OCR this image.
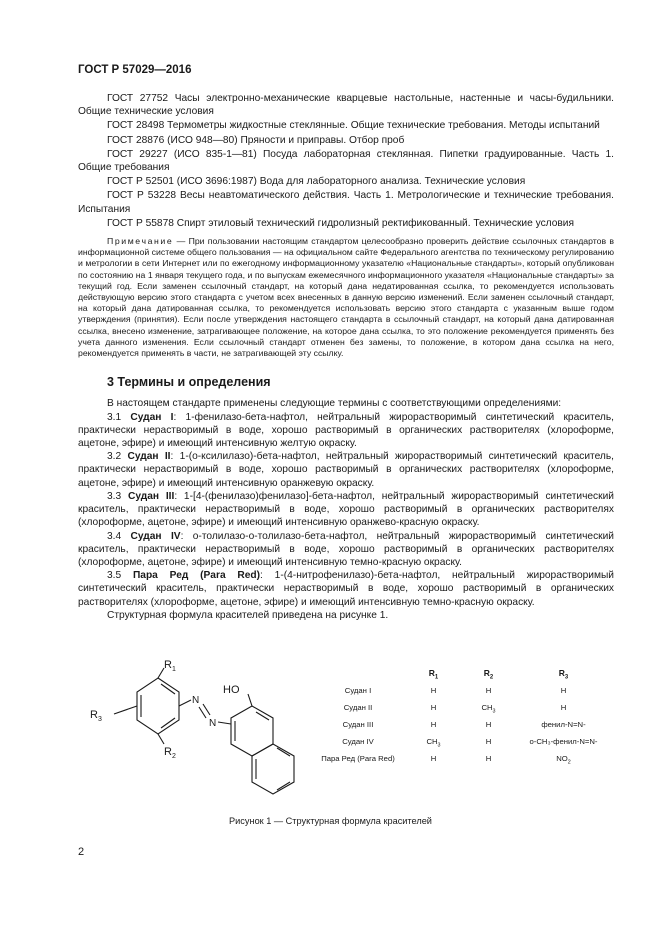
ГОСТ Р 57029—2016

ГОСТ 27752 Часы электронно-механические кварцевые настольные, настенные и часы-будильники. Общие технические условия

ГОСТ 28498 Термометры жидкостные стеклянные. Общие технические требования. Методы испытаний

ГОСТ 28876 (ИСО 948—80) Пряности и приправы. Отбор проб

ГОСТ 29227 (ИСО 835-1—81) Посуда лабораторная стеклянная. Пипетки градуированные. Часть 1. Общие требования

ГОСТ Р 52501 (ИСО 3696:1987) Вода для лабораторного анализа. Технические условия

ГОСТ Р 53228 Весы неавтоматического действия. Часть 1. Метрологические и технические требования. Испытания

ГОСТ Р 55878 Спирт этиловый технический гидролизный ректификованный. Технические условия

Примечание — При пользовании настоящим стандартом целесообразно проверить действие ссылочных стандартов в информационной системе общего пользования — на официальном сайте Федерального агентства по техническому регулированию и метрологии в сети Интернет или по ежегодному информационному указателю «Национальные стандарты», который опубликован по состоянию на 1 января текущего года, и по выпускам ежемесячного информационного указателя «Национальные стандарты» за текущий год. Если заменен ссылочный стандарт, на который дана недатированная ссылка, то рекомендуется использовать действующую версию этого стандарта с учетом всех внесенных в данную версию изменений. Если заменен ссылочный стандарт, на который дана датированная ссылка, то рекомендуется использовать версию этого стандарта с указанным выше годом утверждения (принятия). Если после утверждения настоящего стандарта в ссылочный стандарт, на который дана датированная ссылка, внесено изменение, затрагивающее положение, на которое дана ссылка, то это положение рекомендуется применять без учета данного изменения. Если ссылочный стандарт отменен без замены, то положение, в котором дана ссылка на него, рекомендуется применять в части, не затрагивающей эту ссылку.

3 Термины и определения

В настоящем стандарте применены следующие термины с соответствующими определениями:

3.1 Судан I: 1-фенилазо-бета-нафтол, нейтральный жирорастворимый синтетический краситель, практически нерастворимый в воде, хорошо растворимый в органических растворителях (хлороформе, ацетоне, эфире) и имеющий интенсивную желтую окраску.

3.2 Судан II: 1-(о-ксилилазо)-бета-нафтол, нейтральный жирорастворимый синтетический краситель, практически нерастворимый в воде, хорошо растворимый в органических растворителях (хлороформе, ацетоне, эфире) и имеющий интенсивную оранжевую окраску.

3.3 Судан III: 1-[4-(фенилазо)фенилазо]-бета-нафтол, нейтральный жирорастворимый синтетический краситель, практически нерастворимый в воде, хорошо растворимый в органических растворителях (хлороформе, ацетоне, эфире) и имеющий интенсивную оранжево-красную окраску.

3.4 Судан IV: о-толилазо-о-толилазо-бета-нафтол, нейтральный жирорастворимый синтетический краситель, практически нерастворимый в воде, хорошо растворимый в органических растворителях (хлороформе, ацетоне, эфире) и имеющий интенсивную темно-красную окраску.

3.5 Пара Ред (Para Red): 1-(4-нитрофенилазо)-бета-нафтол, нейтральный жирорастворимый синтетический краситель, практически нерастворимый в воде, хорошо растворимый в органических растворителях (хлороформе, ацетоне, эфире) и имеющий интенсивную темно-красную окраску.

Структурная формула красителей приведена на рисунке 1.

$R_1$
$R_2$
$R_3$
HO
N
N
	$R_1$	$R_2$	$R_3$
Судан I	H	H	H
Судан II	H	$CH_3$	H
Судан III	H	H	фенил-N=N-
Судан IV	$CH_3$	H	о-CH₃-фенил-N=N-
Пара Ред (Para Red)	H	H	$NO_2$
Рисунок 1 — Структурная формула красителей
2
